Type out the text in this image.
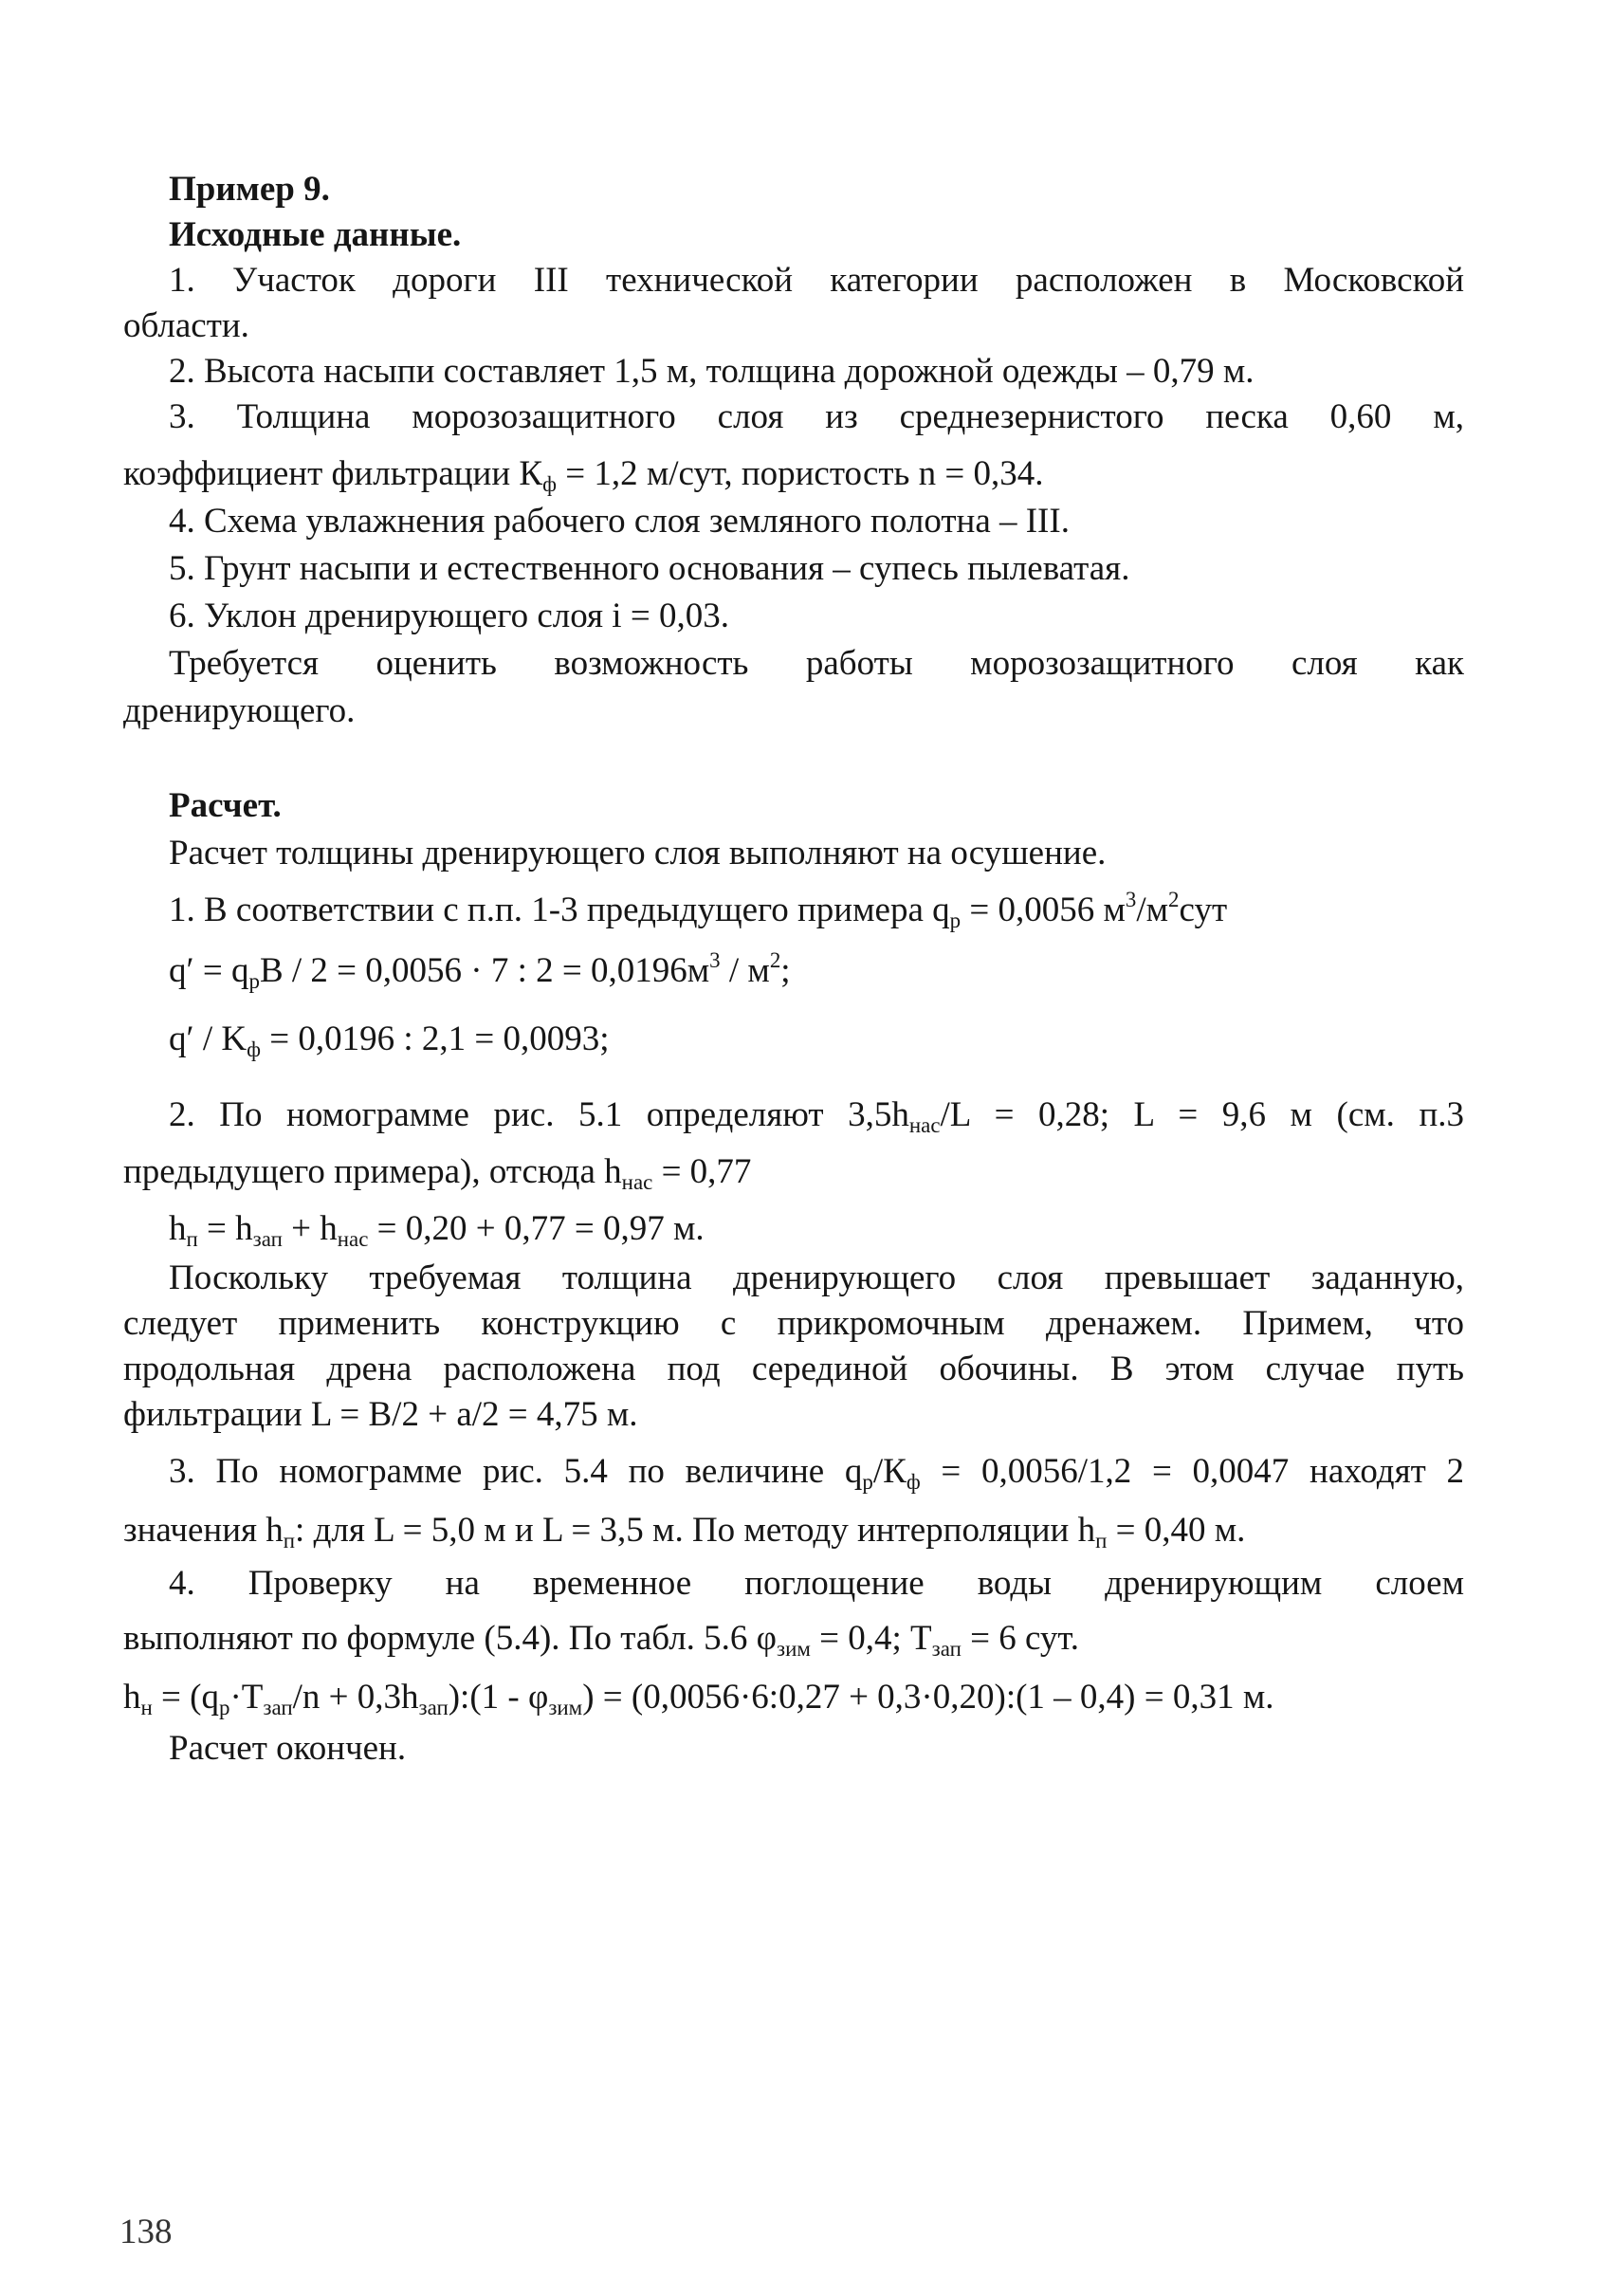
Пример 9.

Исходные данные.

1. Участок дороги III технической категории расположен в Московской

области.

2. Высота насыпи составляет 1,5 м, толщина дорожной одежды – 0,79 м.

3. Толщина морозозащитного слоя из среднезернистого песка 0,60 м,

коэффициент фильтрации $К_ф = 1,2$ м/сут, пористость n = 0,34.

4. Схема увлажнения рабочего слоя земляного полотна – III.

5. Грунт насыпи и естественного основания – супесь пылеватая.

6. Уклон дренирующего слоя i = 0,03.

Требуется оценить возможность работы морозозащитного слоя как

дренирующего.

Расчет.

Расчет толщины дренирующего слоя выполняют на осушение.

1. В соответствии с п.п. 1-3 предыдущего примера $q_р = 0,0056$ $м^3/м^2сут$

$q' = q_рB / 2 = 0,0056 \cdot 7$ : $2 = 0,0196м^3 / м^2$;

$q' / K_ф = 0,0196$ : 2,1 = 0,0093;

2. По номограмме рис. 5.1 определяют $3,5h_{нас}/L = 0,28$; L = 9,6 м (см. п.3

предыдущего примера), отсюда $h_{нас} = 0,77$

$h_п = h_{зап} + h_{нас} = 0,20 + 0,77 = 0,97$ м.

Поскольку требуемая толщина дренирующего слоя превышает заданную,

следует применить конструкцию с прикромочным дренажем. Примем, что

продольная дрена расположена под серединой обочины. В этом случае путь

фильтрации L = B/2 + a/2 = 4,75 м.

3. По номограмме рис. 5.4 по величине $q_р/К_ф = 0,0056/1,2 = 0,0047$ находят 2

значения $h_п$: для L = 5,0 м и L = 3,5 м. По методу интерполяции $h_п = 0,40$ м.

4. Проверку на временное поглощение воды дренирующим слоем

выполняют по формуле (5.4). По табл. 5.6 $\varphi_{зим} = 0,4$; $Т_{зап} = 6$ сут.

$h_н = (q_р\cdot Т_{зап}/n$ + $0,3h_{зап}):(1 - \varphi_{зим})$ = (0,0056·6:0,27 + 0,3·0,20):(1 – 0,4) = 0,31 м.

Расчет окончен.

138
